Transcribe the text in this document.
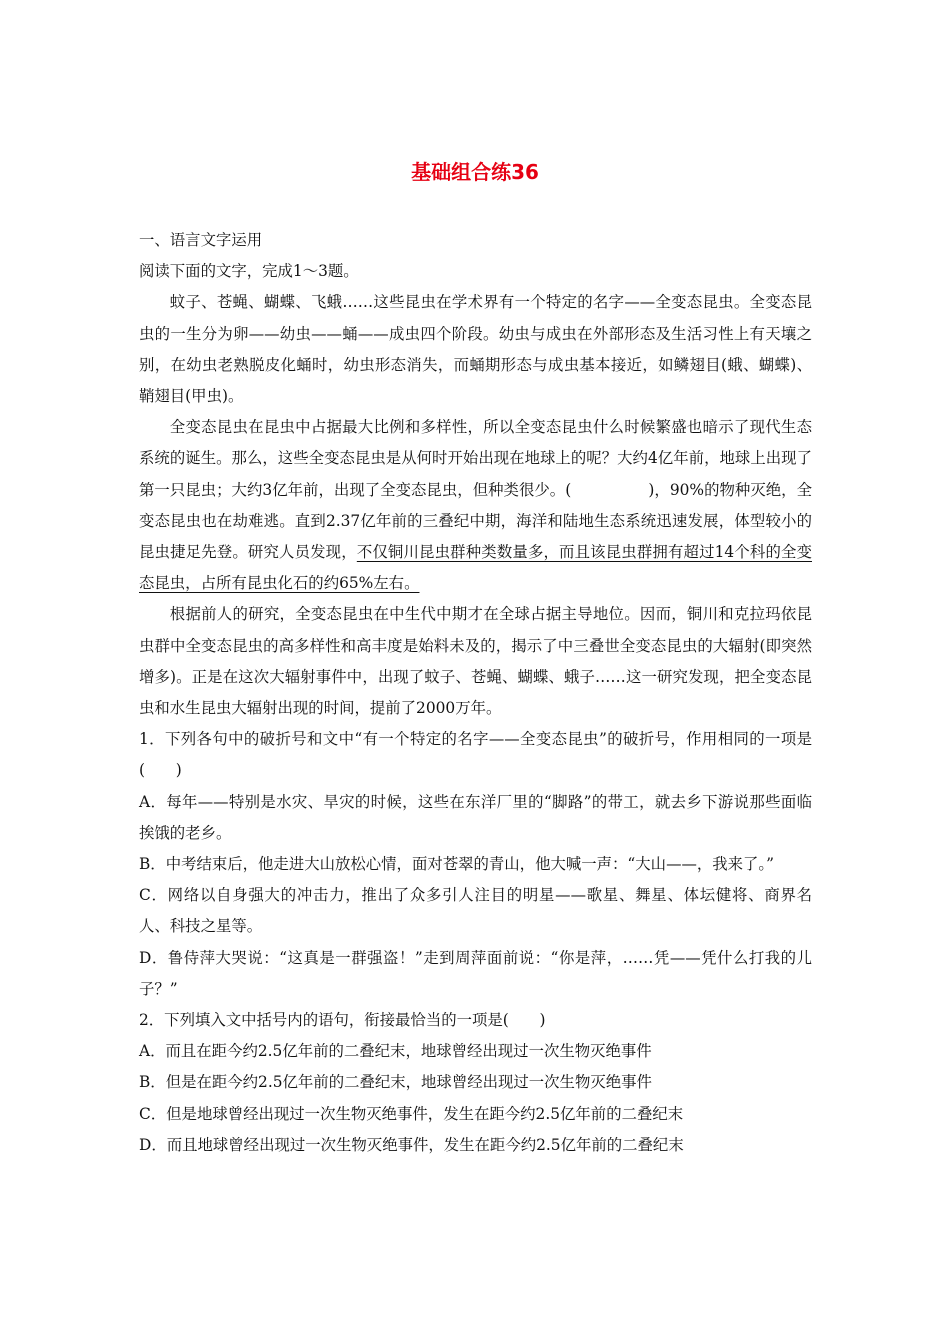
基础组合练36

一、语言文字运用

阅读下面的文字，完成1～3题。

蚊子、苍蝇、蝴蝶、飞蛾……这些昆虫在学术界有一个特定的名字——全变态昆虫。全变态昆虫的一生分为卵——幼虫——蛹——成虫四个阶段。幼虫与成虫在外部形态及生活习性上有天壤之别，在幼虫老熟脱皮化蛹时，幼虫形态消失，而蛹期形态与成虫基本接近，如鳞翅目(蛾、蝴蝶)、鞘翅目(甲虫)。

全变态昆虫在昆虫中占据最大比例和多样性，所以全变态昆虫什么时候繁盛也暗示了现代生态系统的诞生。那么，这些全变态昆虫是从何时开始出现在地球上的呢？大约4亿年前，地球上出现了第一只昆虫；大约3亿年前，出现了全变态昆虫，但种类很少。(　　　　　)，90%的物种灭绝，全变态昆虫也在劫难逃。直到2.37亿年前的三叠纪中期，海洋和陆地生态系统迅速发展，体型较小的昆虫捷足先登。研究人员发现，不仅铜川昆虫群种类数量多，而且该昆虫群拥有超过14个科的全变态昆虫，占所有昆虫化石的约65%左右。

根据前人的研究，全变态昆虫在中生代中期才在全球占据主导地位。因而，铜川和克拉玛依昆虫群中全变态昆虫的高多样性和高丰度是始料未及的，揭示了中三叠世全变态昆虫的大辐射(即突然增多)。正是在这次大辐射事件中，出现了蚊子、苍蝇、蝴蝶、蛾子……这一研究发现，把全变态昆虫和水生昆虫大辐射出现的时间，提前了2000万年。

1．下列各句中的破折号和文中“有一个特定的名字——全变态昆虫”的破折号，作用相同的一项是(　　)

A．每年——特别是水灾、旱灾的时候，这些在东洋厂里的“脚路”的带工，就去乡下游说那些面临挨饿的老乡。

B．中考结束后，他走进大山放松心情，面对苍翠的青山，他大喊一声：“大山——，我来了。”

C．网络以自身强大的冲击力，推出了众多引人注目的明星——歌星、舞星、体坛健将、商界名人、科技之星等。

D．鲁侍萍大哭说：“这真是一群强盗！”走到周萍面前说：“你是萍，……凭——凭什么打我的儿子？”

2．下列填入文中括号内的语句，衔接最恰当的一项是(　　)

A．而且在距今约2.5亿年前的二叠纪末，地球曾经出现过一次生物灭绝事件

B．但是在距今约2.5亿年前的二叠纪末，地球曾经出现过一次生物灭绝事件

C．但是地球曾经出现过一次生物灭绝事件，发生在距今约2.5亿年前的二叠纪末

D．而且地球曾经出现过一次生物灭绝事件，发生在距今约2.5亿年前的二叠纪末
